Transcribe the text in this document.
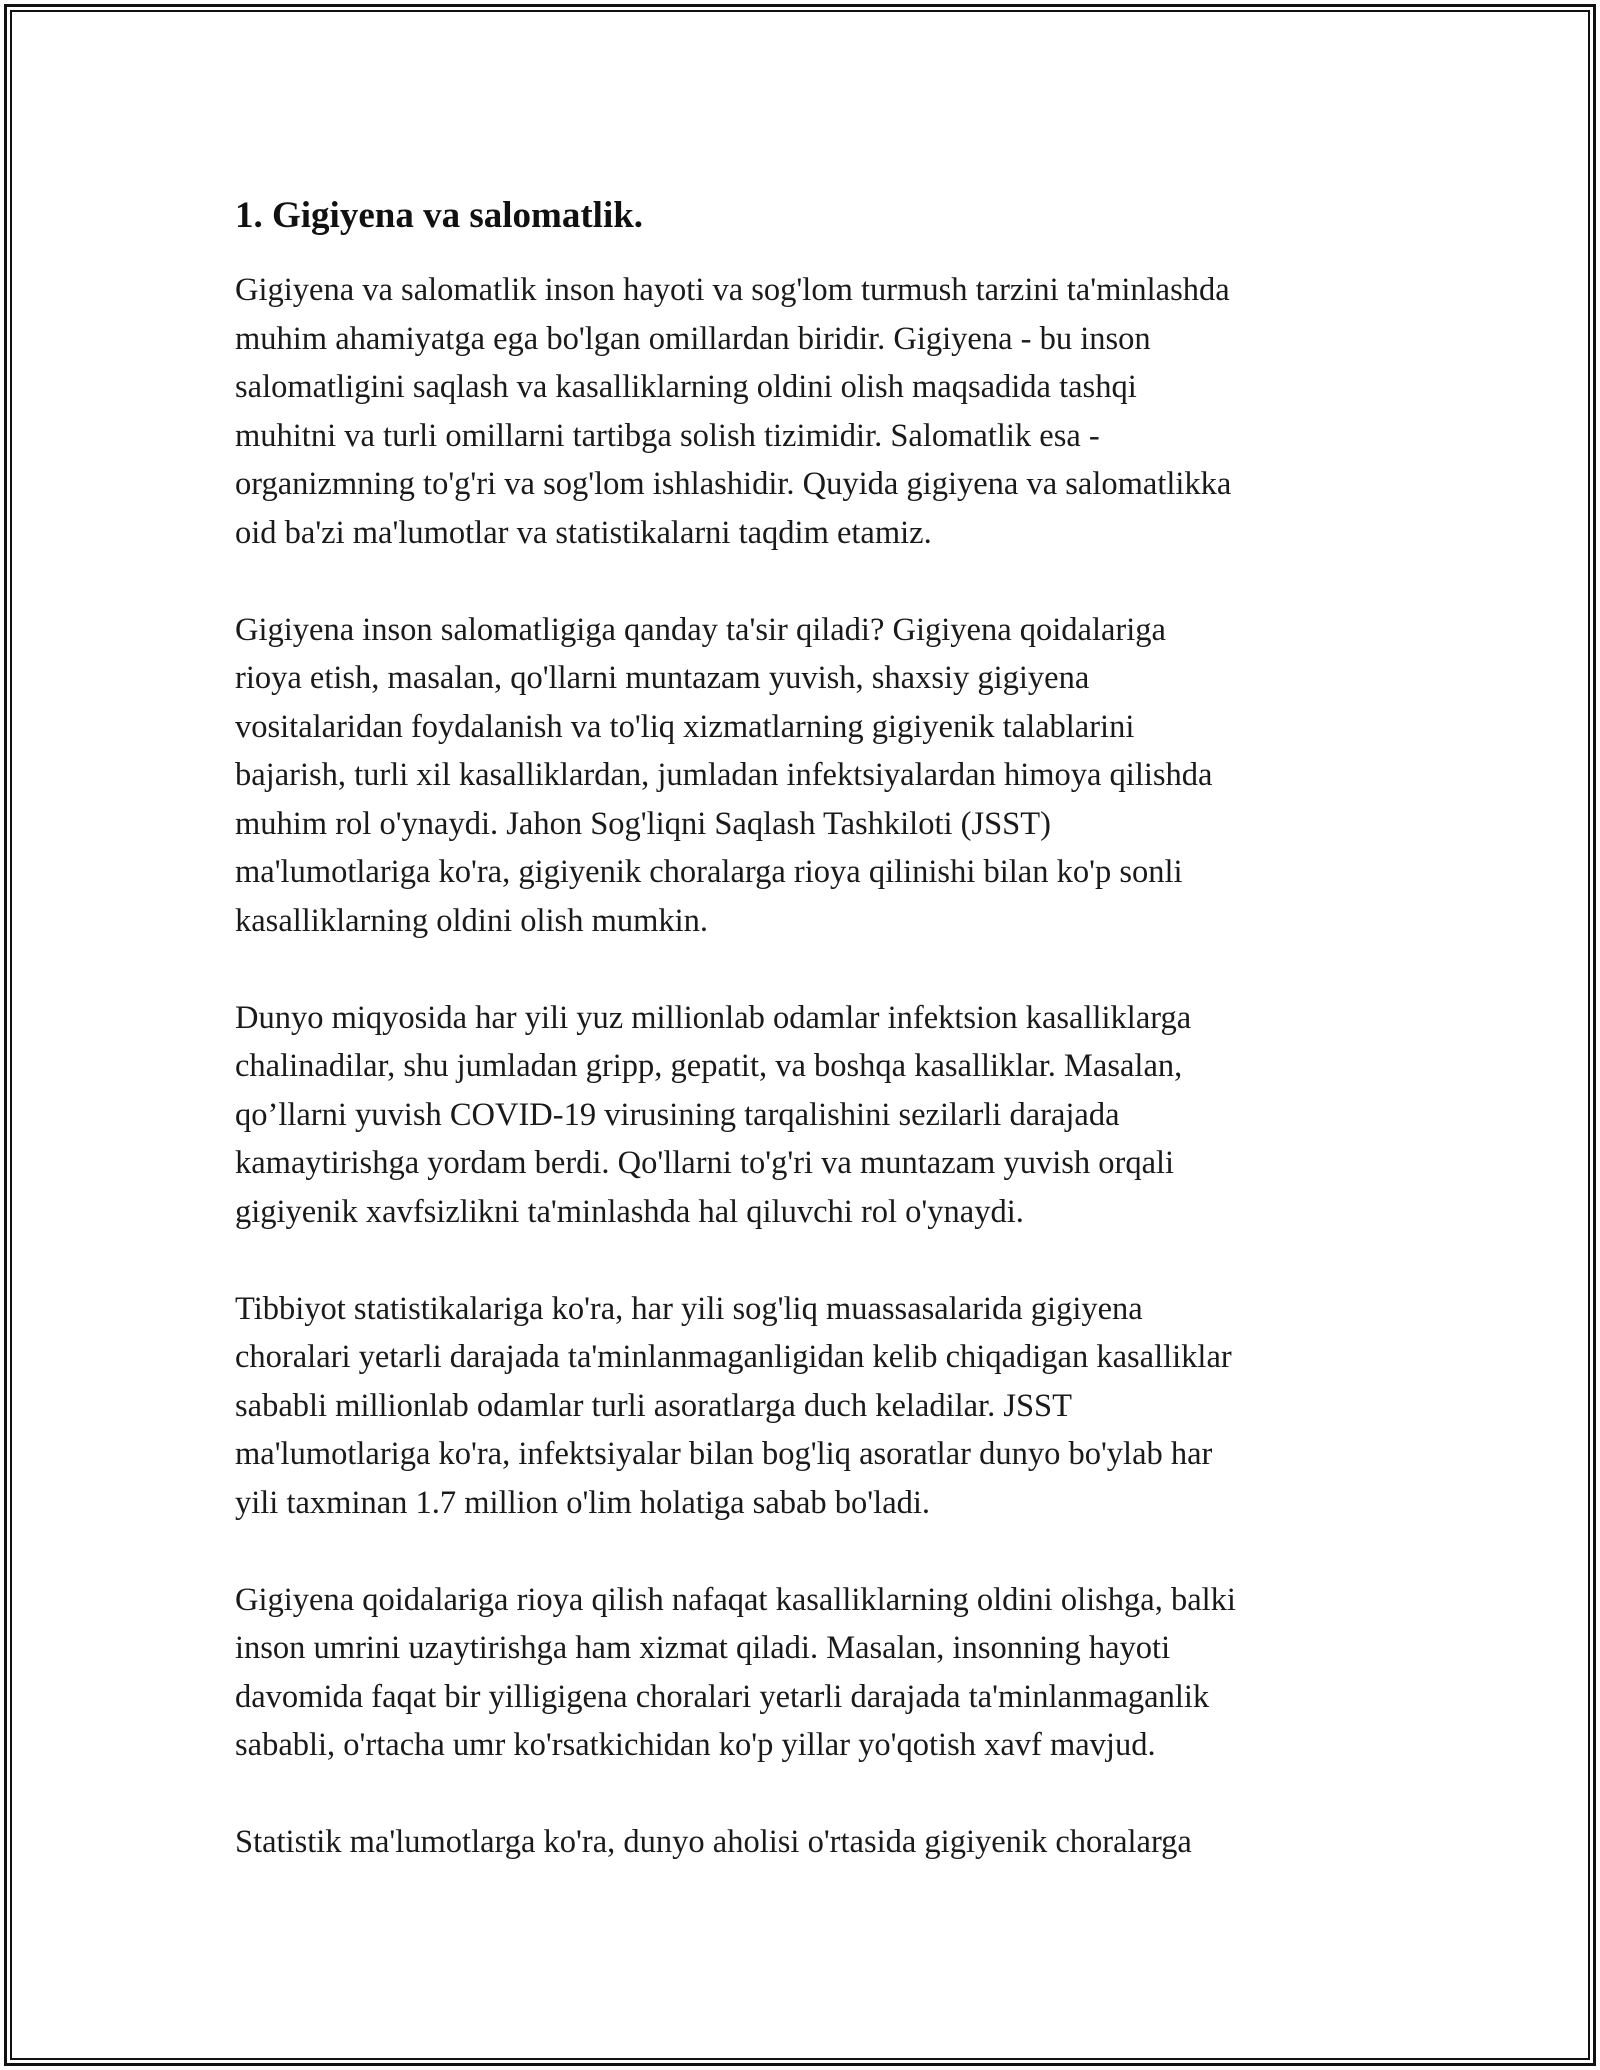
1. Gigiyena va salomatlik.

Gigiyena va salomatlik inson hayoti va sog'lom turmush tarzini ta'minlashda
muhim ahamiyatga ega bo'lgan omillardan biridir. Gigiyena - bu inson
salomatligini saqlash va kasalliklarning oldini olish maqsadida tashqi
muhitni va turli omillarni tartibga solish tizimidir. Salomatlik esa -
organizmning to'g'ri va sog'lom ishlashidir. Quyida gigiyena va salomatlikka
oid ba'zi ma'lumotlar va statistikalarni taqdim etamiz.

Gigiyena inson salomatligiga qanday ta'sir qiladi? Gigiyena qoidalariga
rioya etish, masalan, qo'llarni muntazam yuvish, shaxsiy gigiyena
vositalaridan foydalanish va to'liq xizmatlarning gigiyenik talablarini
bajarish, turli xil kasalliklardan, jumladan infektsiyalardan himoya qilishda
muhim rol o'ynaydi. Jahon Sog'liqni Saqlash Tashkiloti (JSST)
ma'lumotlariga ko'ra, gigiyenik choralarga rioya qilinishi bilan ko'p sonli
kasalliklarning oldini olish mumkin.

Dunyo miqyosida har yili yuz millionlab odamlar infektsion kasalliklarga
chalinadilar, shu jumladan gripp, gepatit, va boshqa kasalliklar. Masalan,
qo’llarni yuvish COVID-19 virusining tarqalishini sezilarli darajada
kamaytirishga yordam berdi. Qo'llarni to'g'ri va muntazam yuvish orqali
gigiyenik xavfsizlikni ta'minlashda hal qiluvchi rol o'ynaydi.

Tibbiyot statistikalariga ko'ra, har yili sog'liq muassasalarida gigiyena
choralari yetarli darajada ta'minlanmaganligidan kelib chiqadigan kasalliklar
sababli millionlab odamlar turli asoratlarga duch keladilar. JSST
ma'lumotlariga ko'ra, infektsiyalar bilan bog'liq asoratlar dunyo bo'ylab har
yili taxminan 1.7 million o'lim holatiga sabab bo'ladi.

Gigiyena qoidalariga rioya qilish nafaqat kasalliklarning oldini olishga, balki
inson umrini uzaytirishga ham xizmat qiladi. Masalan, insonning hayoti
davomida faqat bir yilligigena choralari yetarli darajada ta'minlanmaganlik
sababli, o'rtacha umr ko'rsatkichidan ko'p yillar yo'qotish xavf mavjud.

Statistik ma'lumotlarga ko'ra, dunyo aholisi o'rtasida gigiyenik choralarga
